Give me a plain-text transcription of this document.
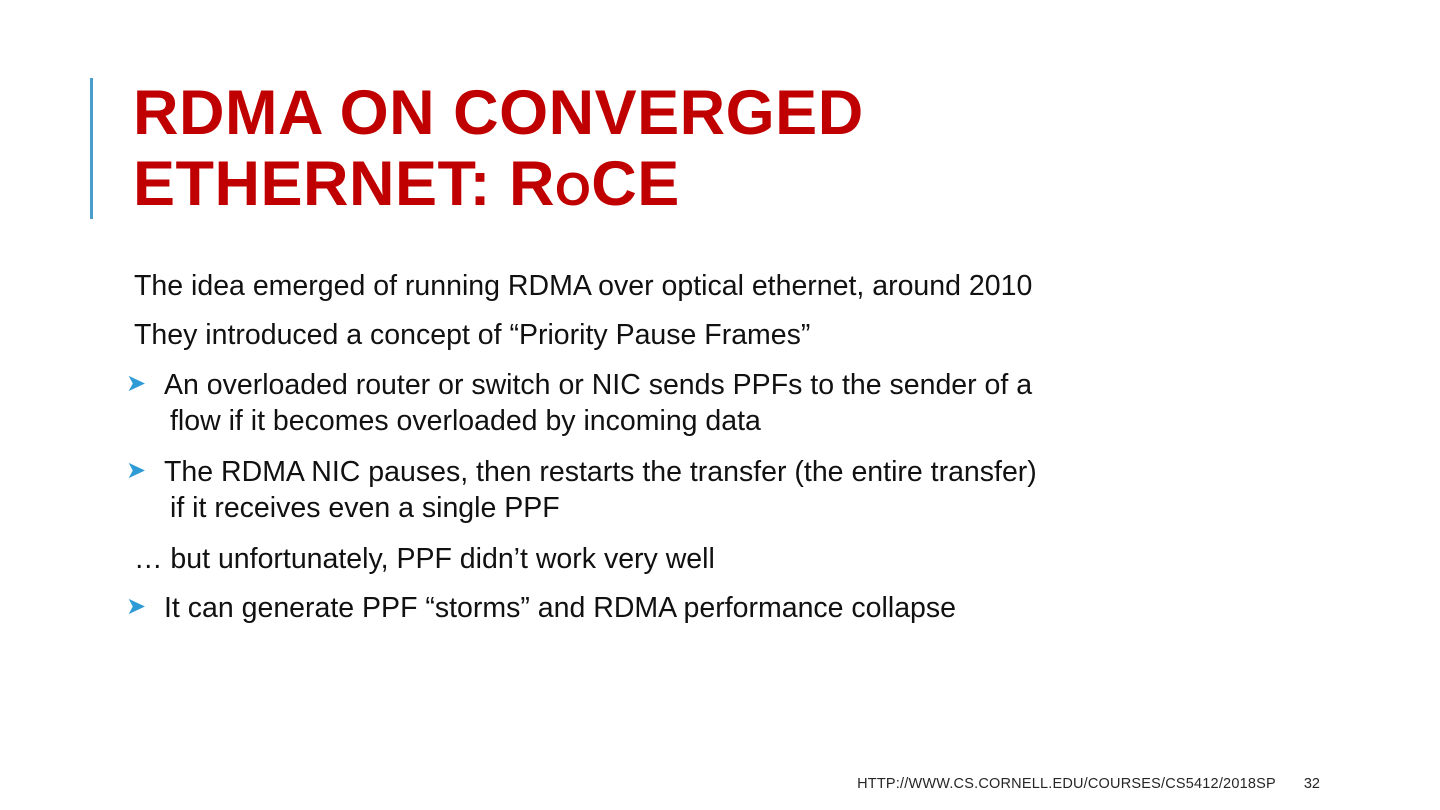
RDMA ON CONVERGED
ETHERNET: ROCE
The idea emerged of running RDMA over optical ethernet, around 2010
They introduced a concept of “Priority Pause Frames”
➤ An overloaded router or switch or NIC sends PPFs to the sender of a
flow if it becomes overloaded by incoming data
➤ The RDMA NIC pauses, then restarts the transfer (the entire transfer)
if it receives even a single PPF
… but unfortunately, PPF didn’t work very well
➤ It can generate PPF “storms” and RDMA performance collapse
HTTP://WWW.CS.CORNELL.EDU/COURSES/CS5412/2018SP 32
